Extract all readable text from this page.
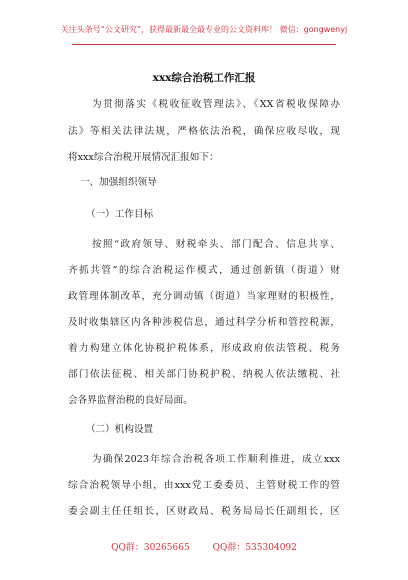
关注头条号“公文研究”，获得最新最全最专业的公文资料库！ 微信：gongwenyj
xxx综合治税工作汇报
为贯彻落实《税收征收管理法》、《XX省税收保障办
法》等相关法律法规，严格依法治税，确保应收尽收，现
将xxx综合治税开展情况汇报如下：
一、加强组织领导
（一）工作目标
按照“政府领导、财税牵头、部门配合、信息共享、
齐抓共管”的综合治税运作模式，通过创新镇（街道）财
政管理体制改革，充分调动镇（街道）当家理财的积极性，
及时收集辖区内各种涉税信息，通过科学分析和管控税源，
着力构建立体化协税护税体系，形成政府依法管税、税务
部门依法征税、相关部门协税护税、纳税人依法缴税、社
会各界监督治税的良好局面。
（二）机构设置
为确保2023年综合治税各项工作顺利推进，成立xxx
综合治税领导小组，由xxx党工委委员、主管财税工作的管
委会副主任任组长，区财政局、税务局局长任副组长，区
QQ群：30265665	QQ群：535304092
